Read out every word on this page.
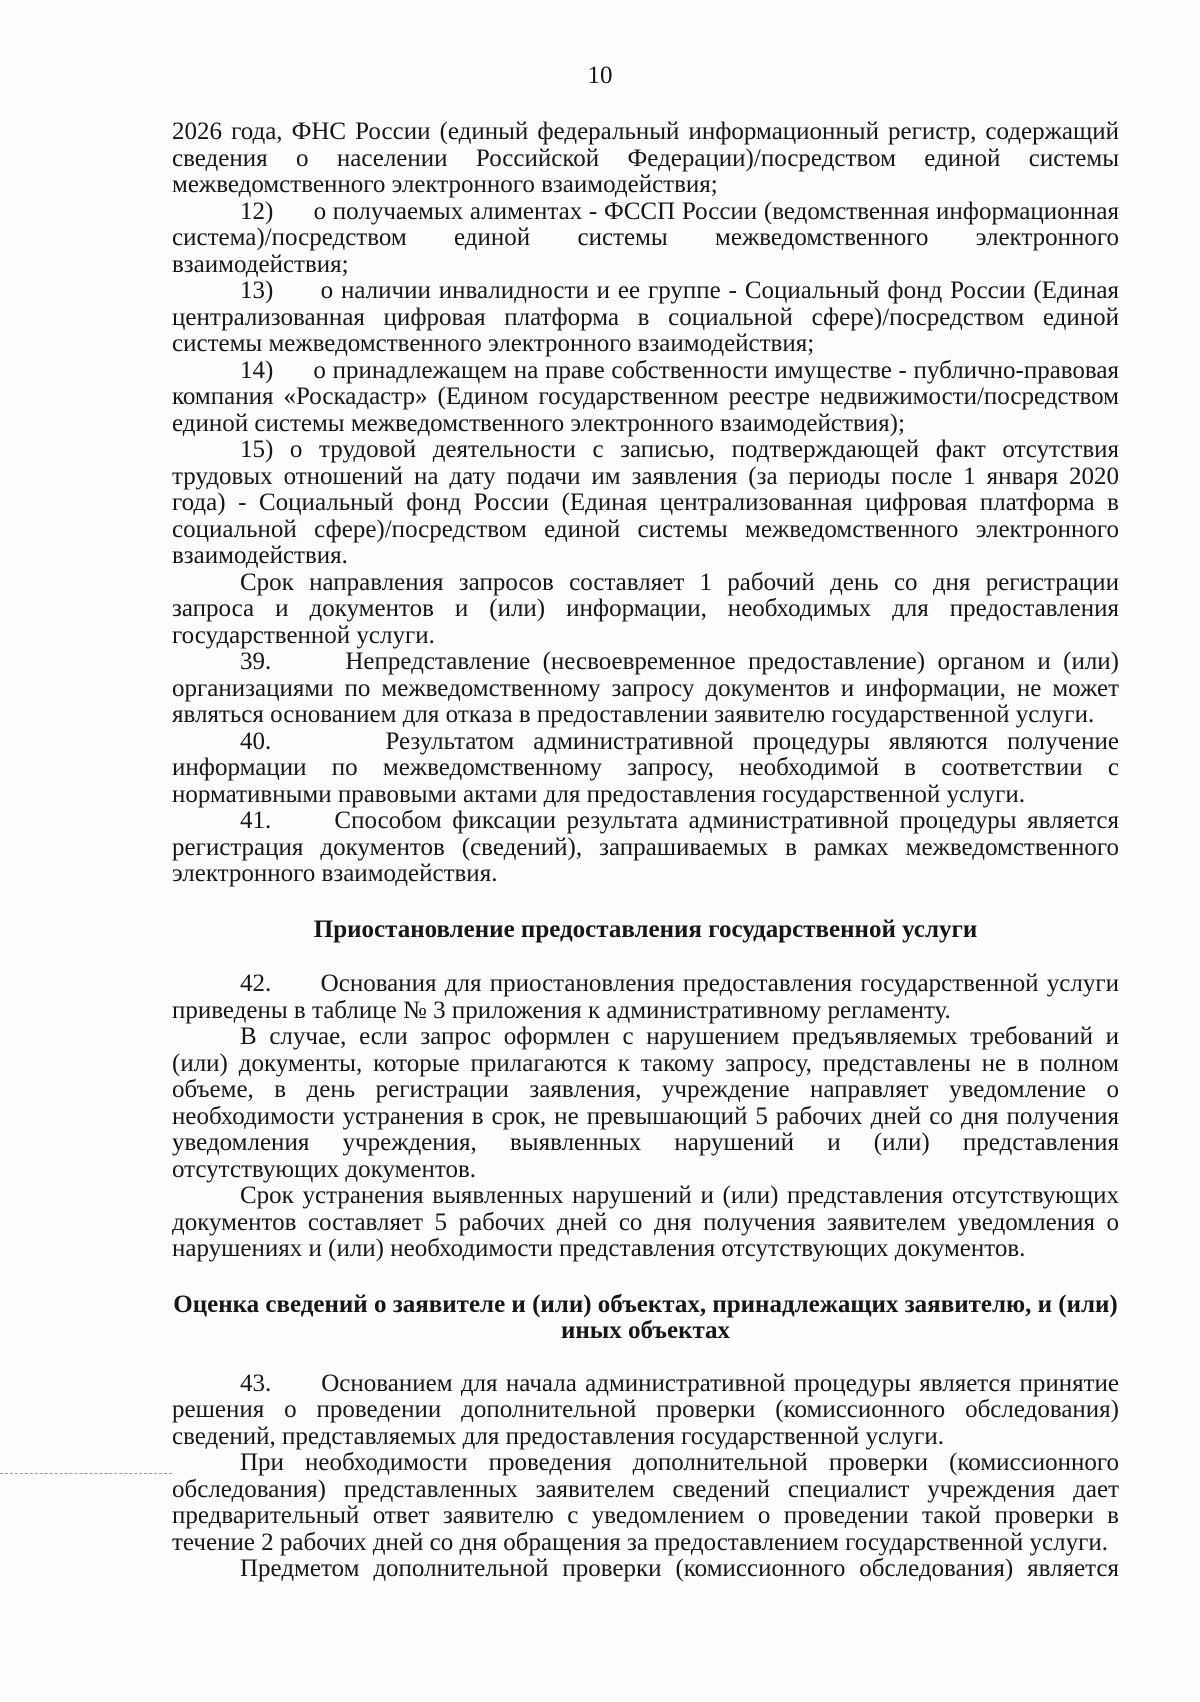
10

2026 года, ФНС России (единый федеральный информационный регистр, содержащий сведения о населении Российской Федерации)/посредством единой системы межведомственного электронного взаимодействия;

12)      о получаемых алиментах - ФССП России (ведомственная информационная система)/посредством единой системы межведомственного электронного взаимодействия;

13)      о наличии инвалидности и ее группе - Социальный фонд России (Единая централизованная цифровая платформа в социальной сфере)/посредством единой системы межведомственного электронного взаимодействия;

14)      о принадлежащем на праве собственности имуществе - публично-правовая компания «Роскадастр» (Едином государственном реестре недвижимости/посредством единой системы межведомственного электронного взаимодействия);

15) о трудовой деятельности с записью, подтверждающей факт отсутствия трудовых отношений на дату подачи им заявления (за периоды после 1 января 2020 года) - Социальный фонд России (Единая централизованная цифровая платформа в социальной сфере)/посредством единой системы межведомственного электронного взаимодействия.

Срок направления запросов составляет 1 рабочий день со дня регистрации запроса и документов и (или) информации, необходимых для предоставления государственной услуги.

39.      Непредставление (несвоевременное предоставление) органом и (или) организациями по межведомственному запросу документов и информации, не может являться основанием для отказа в предоставлении заявителю государственной услуги.

40.      Результатом административной процедуры являются получение информации по межведомственному запросу, необходимой в соответствии с нормативными правовыми актами для предоставления государственной услуги.

41.      Способом фиксации результата административной процедуры является регистрация документов (сведений), запрашиваемых в рамках межведомственного электронного взаимодействия.

Приостановление предоставления государственной услуги

42.      Основания для приостановления предоставления государственной услуги приведены в таблице № 3 приложения к административному регламенту.

В случае, если запрос оформлен с нарушением предъявляемых требований и (или) документы, которые прилагаются к такому запросу, представлены не в полном объеме, в день регистрации заявления, учреждение направляет уведомление о необходимости устранения в срок, не превышающий 5 рабочих дней со дня получения уведомления учреждения, выявленных нарушений и (или) представления отсутствующих документов.

Срок устранения выявленных нарушений и (или) представления отсутствующих документов составляет 5 рабочих дней со дня получения заявителем уведомления о нарушениях и (или) необходимости представления отсутствующих документов.

Оценка сведений о заявителе и (или) объектах, принадлежащих заявителю, и (или)
иных объектах

43.      Основанием для начала административной процедуры является принятие решения о проведении дополнительной проверки (комиссионного обследования) сведений, представляемых для предоставления государственной услуги.

При необходимости проведения дополнительной проверки (комиссионного обследования) представленных заявителем сведений специалист учреждения дает предварительный ответ заявителю с уведомлением о проведении такой проверки в течение 2 рабочих дней со дня обращения за предоставлением государственной услуги.

Предметом дополнительной проверки (комиссионного обследования) является
